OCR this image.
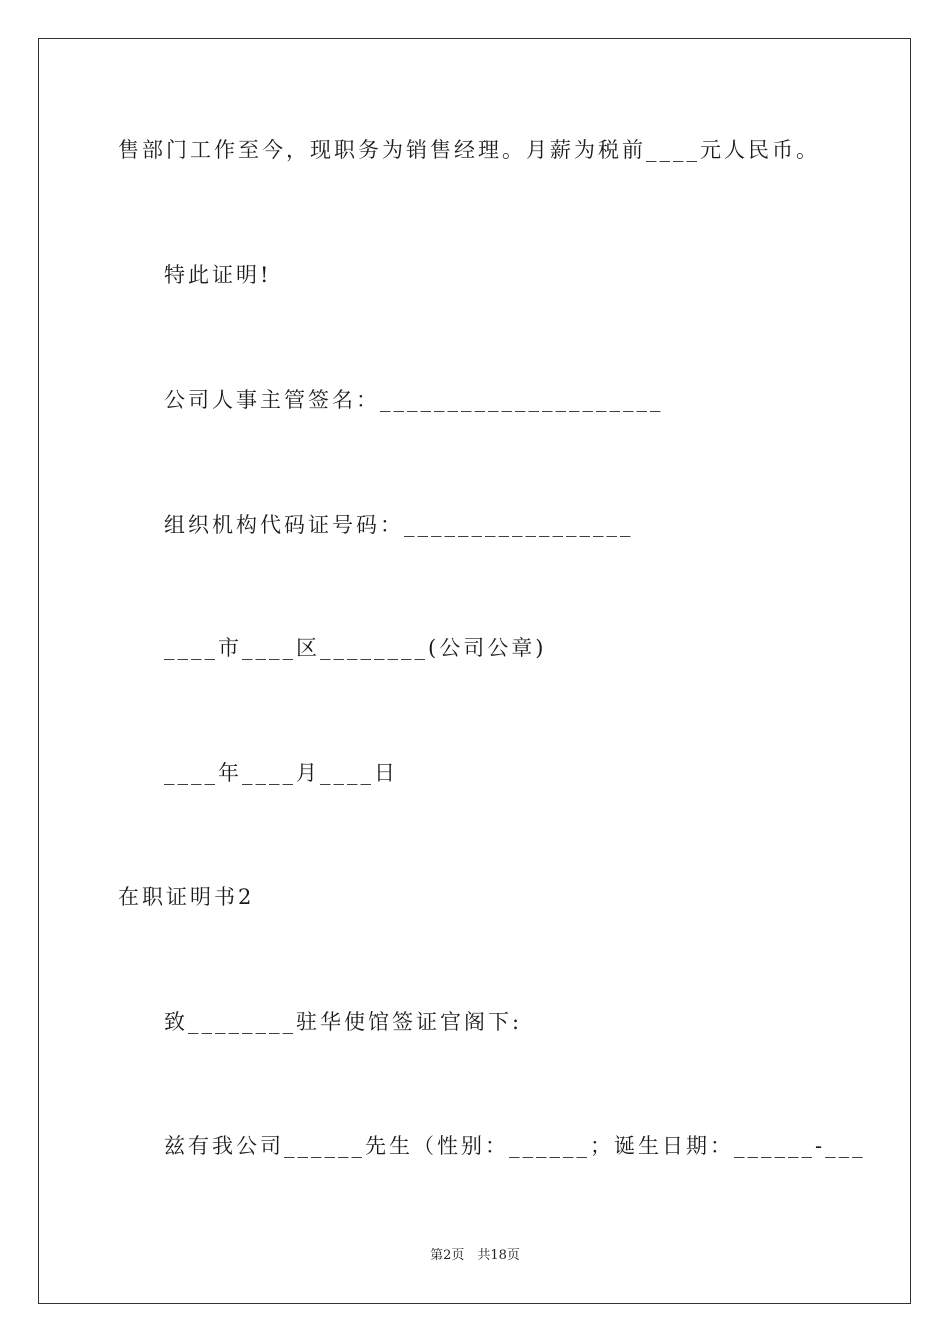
售部门工作至今，现职务为销售经理。月薪为税前____元人民币。
特此证明!
公司人事主管签名：_____________________
组织机构代码证号码：_________________
____市____区________(公司公章)
____年____月____日
在职证明书2
致________驻华使馆签证官阁下:
兹有我公司______先生（性别：______；诞生日期：______-___
第2页　共18页
